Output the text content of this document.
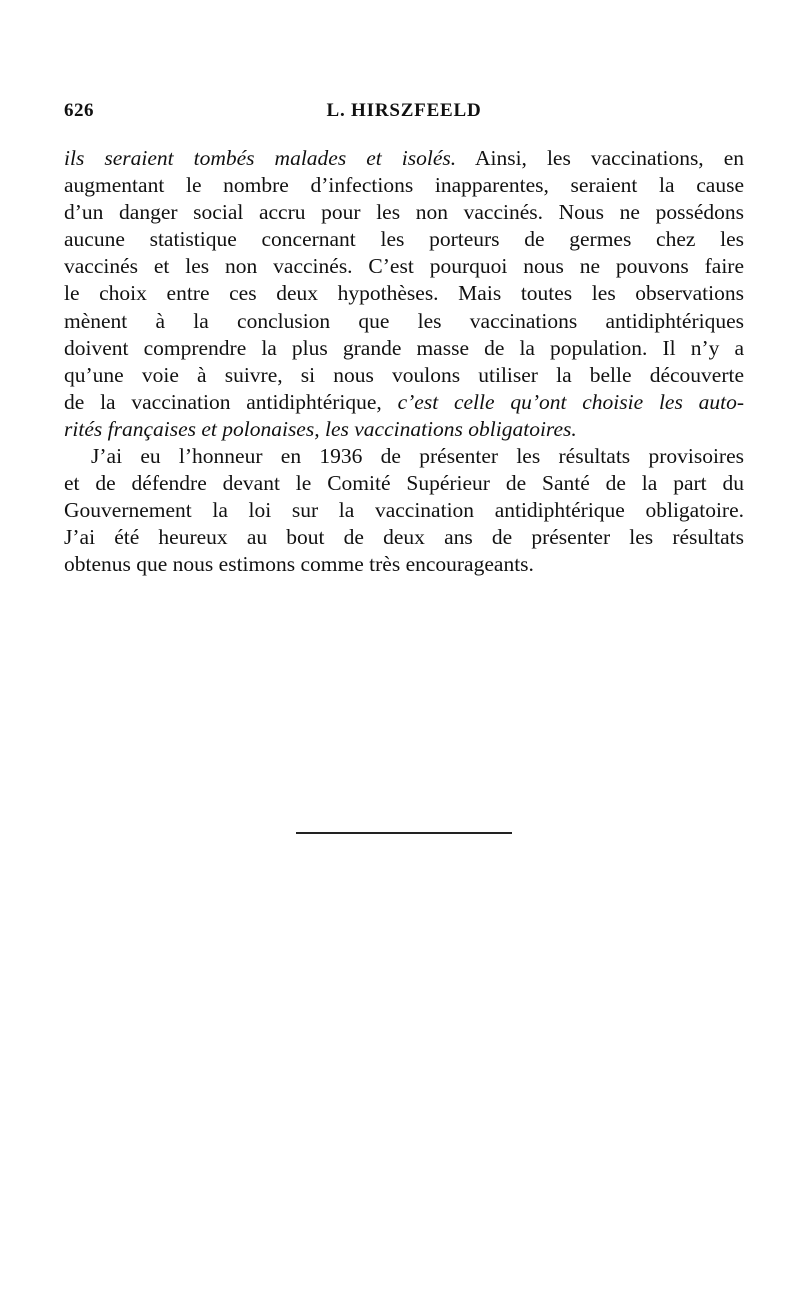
626	L. HIRSZFEELD
ils seraient tombés malades et isolés. Ainsi, les vaccinations, en
augmentant le nombre d’infections inapparentes, seraient la cause
d’un danger social accru pour les non vaccinés. Nous ne possédons
aucune statistique concernant les porteurs de germes chez les
vaccinés et les non vaccinés. C’est pourquoi nous ne pouvons faire
le choix entre ces deux hypothèses. Mais toutes les observations
mènent à la conclusion que les vaccinations antidiphtériques
doivent comprendre la plus grande masse de la population. Il n’y a
qu’une voie à suivre, si nous voulons utiliser la belle découverte
de la vaccination antidiphtérique, c’est celle qu’ont choisie les auto-
rités françaises et polonaises, les vaccinations obligatoires.
J’ai eu l’honneur en 1936 de présenter les résultats provisoires
et de défendre devant le Comité Supérieur de Santé de la part du
Gouvernement la loi sur la vaccination antidiphtérique obligatoire.
J’ai été heureux au bout de deux ans de présenter les résultats
obtenus que nous estimons comme très encourageants.
